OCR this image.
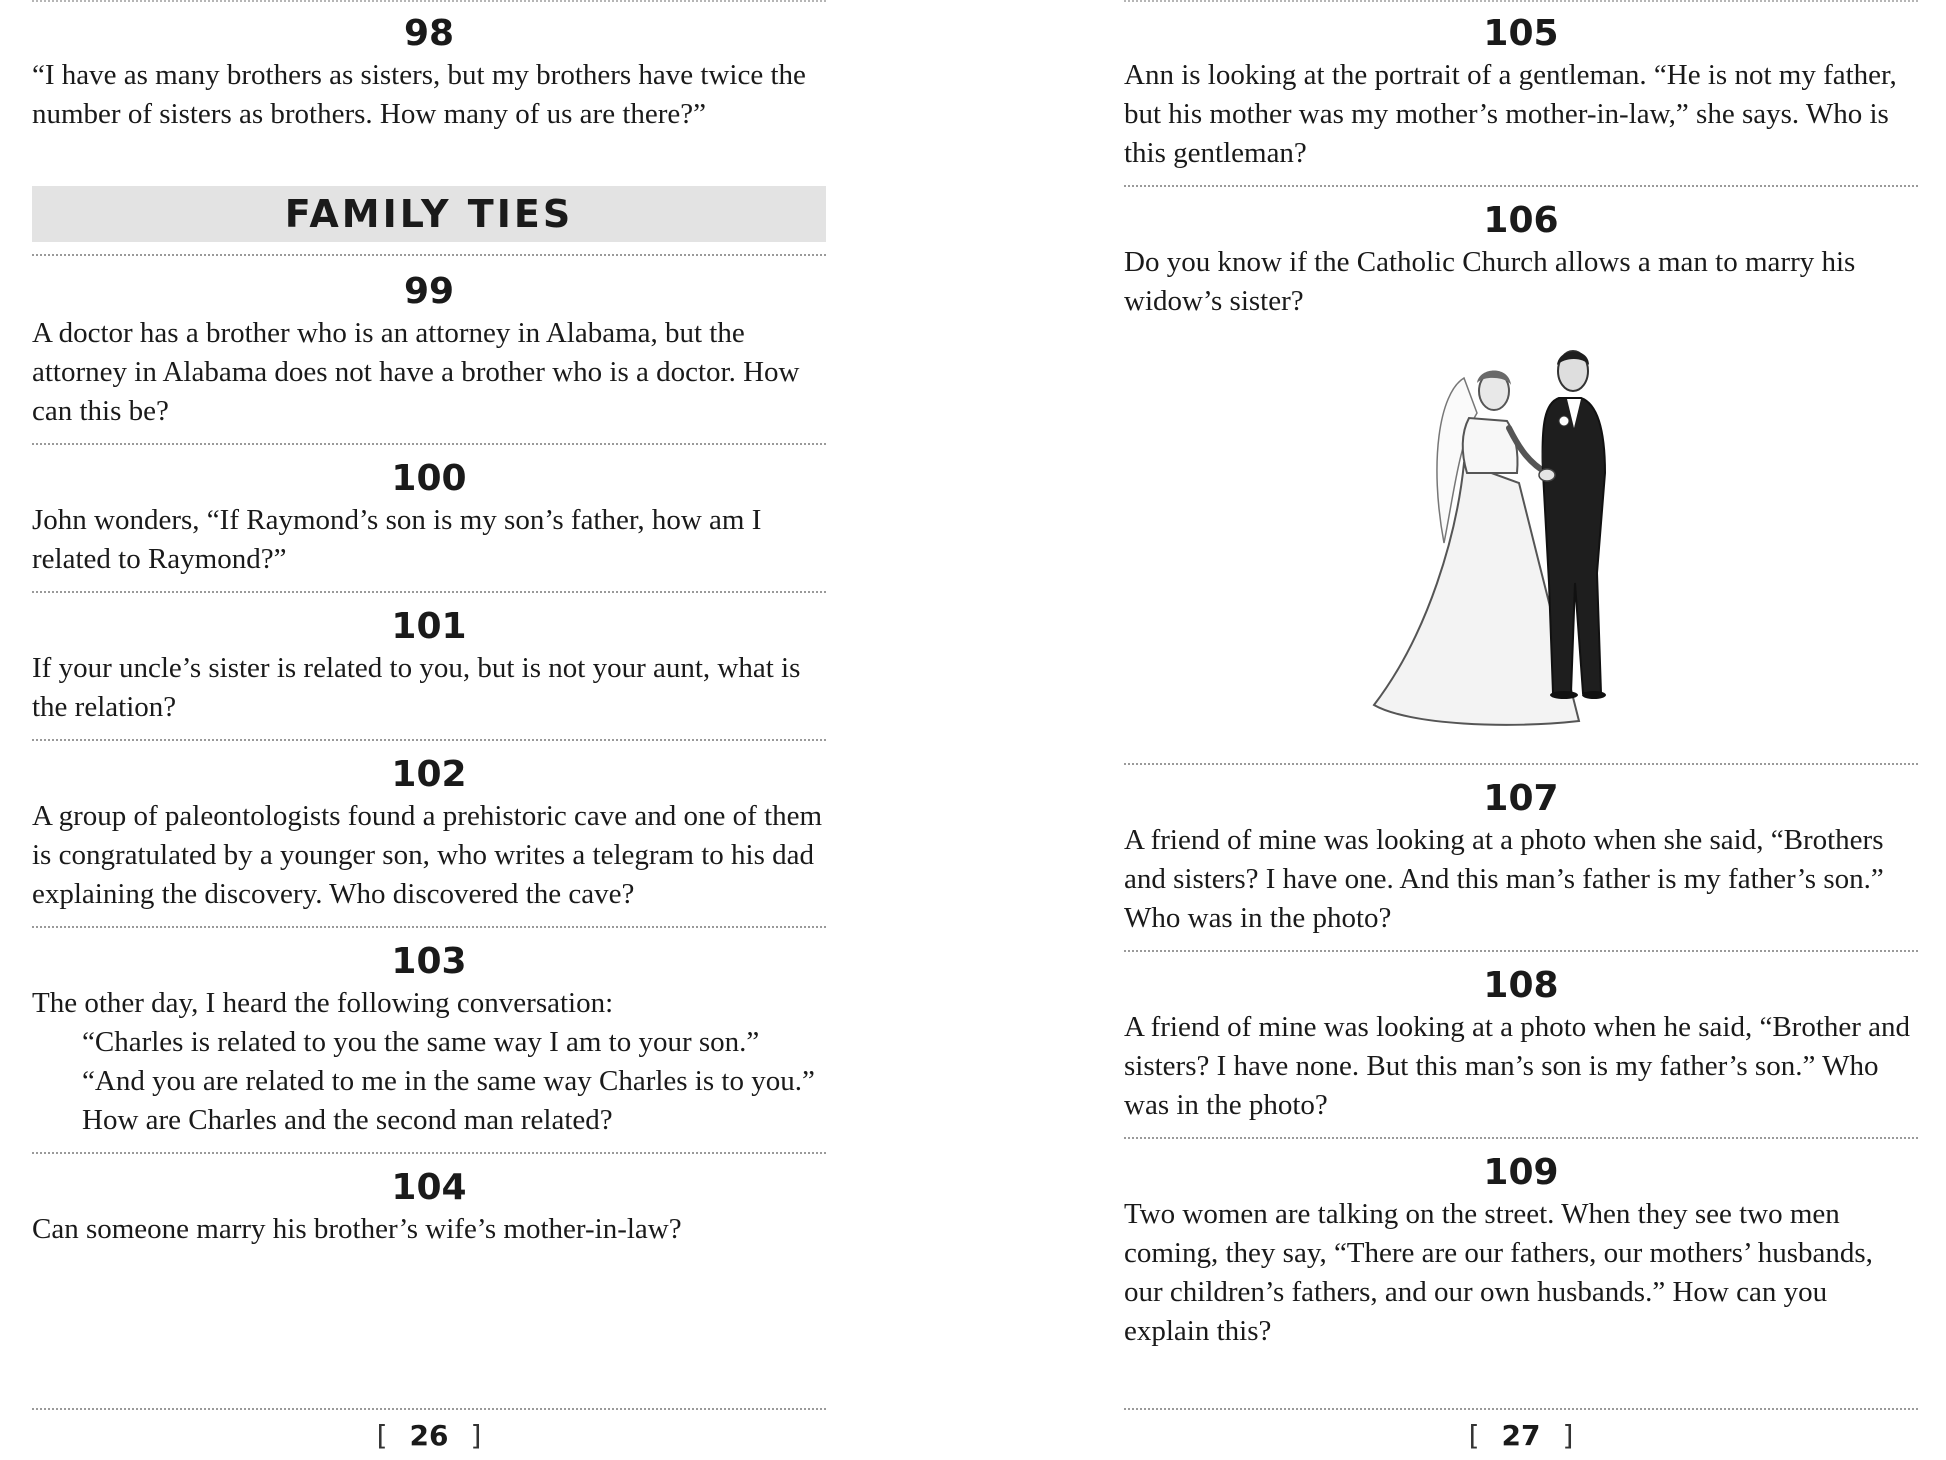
98
“I have as many brothers as sisters, but my brothers have twice the number of sisters as brothers. How many of us are there?”
FAMILY TIES
99
A doctor has a brother who is an attorney in Alabama, but the attorney in Alabama does not have a brother who is a doctor. How can this be?
100
John wonders, “If Raymond’s son is my son’s father, how am I related to Raymond?”
101
If your uncle’s sister is related to you, but is not your aunt, what is the relation?
102
A group of paleontologists found a prehistoric cave and one of them is congratulated by a younger son, who writes a telegram to his dad explaining the discovery. Who discovered the cave?
103

The other day, I heard the following conversation:

“Charles is related to you the same way I am to your son.”

“And you are related to me in the same way Charles is to you.”

How are Charles and the second man related?

104
Can someone marry his brother’s wife’s mother-in-law?
[ 26 ]
105
Ann is looking at the portrait of a gentleman. “He is not my father, but his mother was my mother’s mother-in-law,” she says. Who is this gentleman?
106
Do you know if the Catholic Church allows a man to marry his widow’s sister?
107
A friend of mine was looking at a photo when she said, “Brothers and sisters? I have one. And this man’s father is my father’s son.” Who was in the photo?
108
A friend of mine was looking at a photo when he said, “Brother and sisters? I have none. But this man’s son is my father’s son.” Who was in the photo?
109
Two women are talking on the street. When they see two men coming, they say, “There are our fathers, our mothers’ husbands, our children’s fathers, and our own husbands.” How can you explain this?
[ 27 ]
